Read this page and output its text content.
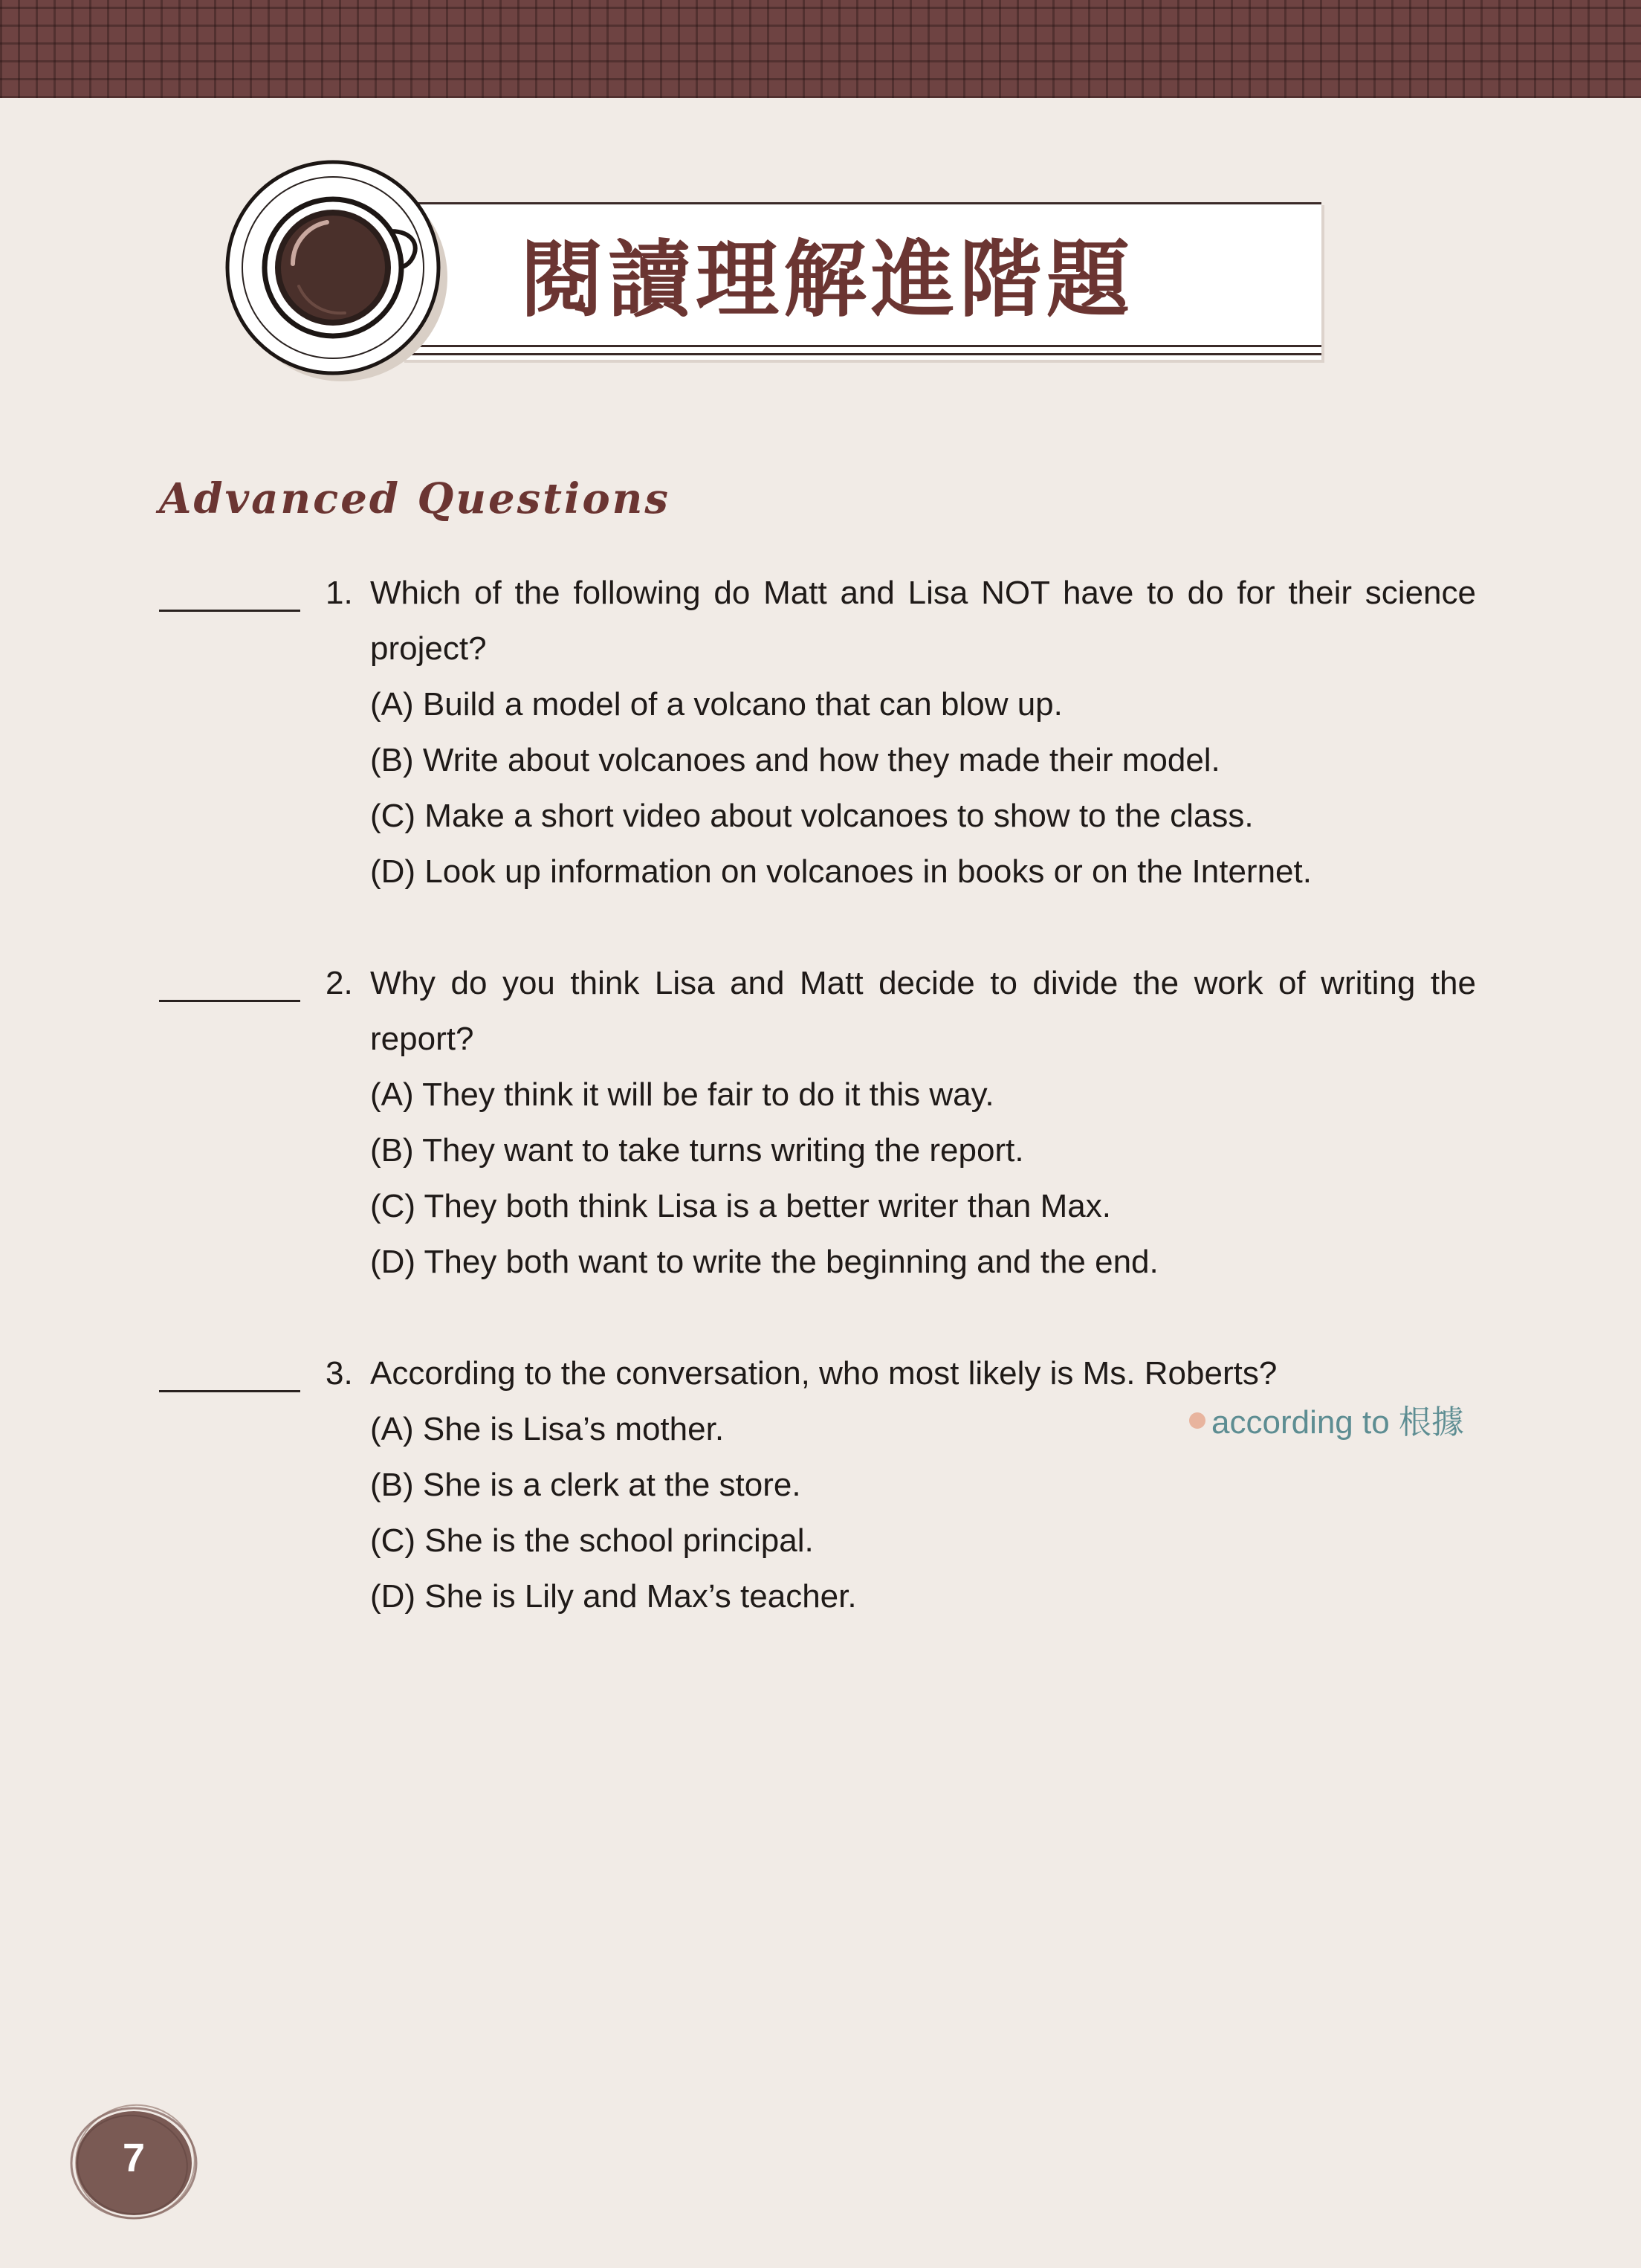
閱讀理解進階題
Advanced Questions
1. Which of the following do Matt and Lisa NOT have to do for their science project?
(A) Build a model of a volcano that can blow up.
(B) Write about volcanoes and how they made their model.
(C) Make a short video about volcanoes to show to the class.
(D) Look up information on volcanoes in books or on the Internet.
2. Why do you think Lisa and Matt decide to divide the work of writing the report?
(A) They think it will be fair to do it this way.
(B) They want to take turns writing the report.
(C) They both think Lisa is a better writer than Max.
(D) They both want to write the beginning and the end.
3. According to the conversation, who most likely is Ms. Roberts?
(A) She is Lisa’s mother.
(B) She is a clerk at the store.
(C) She is the school principal.
(D) She is Lily and Max’s teacher.
according to 根據
7
